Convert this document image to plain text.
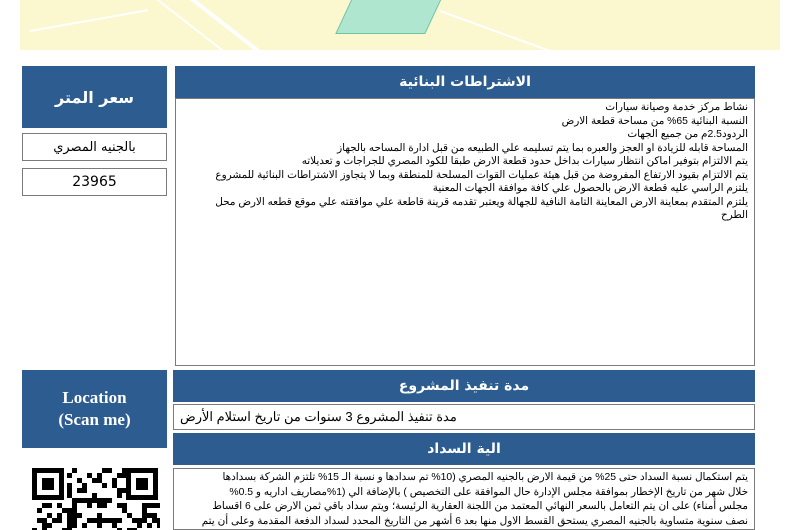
سعر المتر
بالجنيه المصري
23965
الاشتراطات البنائية

نشاط مركز خدمة وصيانة سيارات

النسبة البنائية 65% من مساحة قطعة الارض

الردود2.5م من جميع الجهات

المساحة قابله للزيادة او العجز والعبره بما يتم تسليمه علي الطبيعه من قبل ادارة المساحه بالجهاز

يتم الالتزام بتوفير اماكن انتظار سيارات بداخل حدود قطعة الارض طبقا للكود المصري للجراجات و تعديلاته

يتم الالتزام بقيود الارتفاع المفروضة من قبل هيئة عمليات القوات المسلحة للمنطقة وبما لا يتجاوز الاشتراطات البنائية للمشروع

يلتزم الراسي عليه قطعة الارض بالحصول علي كافة موافقة الجهات المعنية

يلتزم المتقدم بمعاينة الارض المعاينة التامة النافية للجهالة ويعتبر تقدمه قرينة قاطعة علي موافقته علي موقع قطعه الارض محل

الطرح

Location
(Scan me)
مدة تنفيذ المشروع
مدة تنفيذ المشروع 3 سنوات من تاريخ استلام الأرض
الية السداد

يتم استكمال نسبة السداد حتى 25% من قيمة الارض بالجنيه المصري (10% تم سدادها و نسبة الـ 15% تلتزم الشركة بسدادها

خلال شهر من تاريخ الإخطار بموافقة مجلس الإدارة حال الموافقة على التخصيص ) بالإضافة الي (1%مصاريف اداريه و 0.5%

مجلس أمناء) على ان يتم التعامل بالسعر النهائي المعتمد من اللجنة العقارية الرئيسة؛ ويتم سداد باقي ثمن الارض على 6 اقساط

نصف سنوية متساوية بالجنيه المصري يستحق القسط الاول منها بعد 6 أشهر من التاريخ المحدد لسداد الدفعة المقدمة وعلى أن يتم
